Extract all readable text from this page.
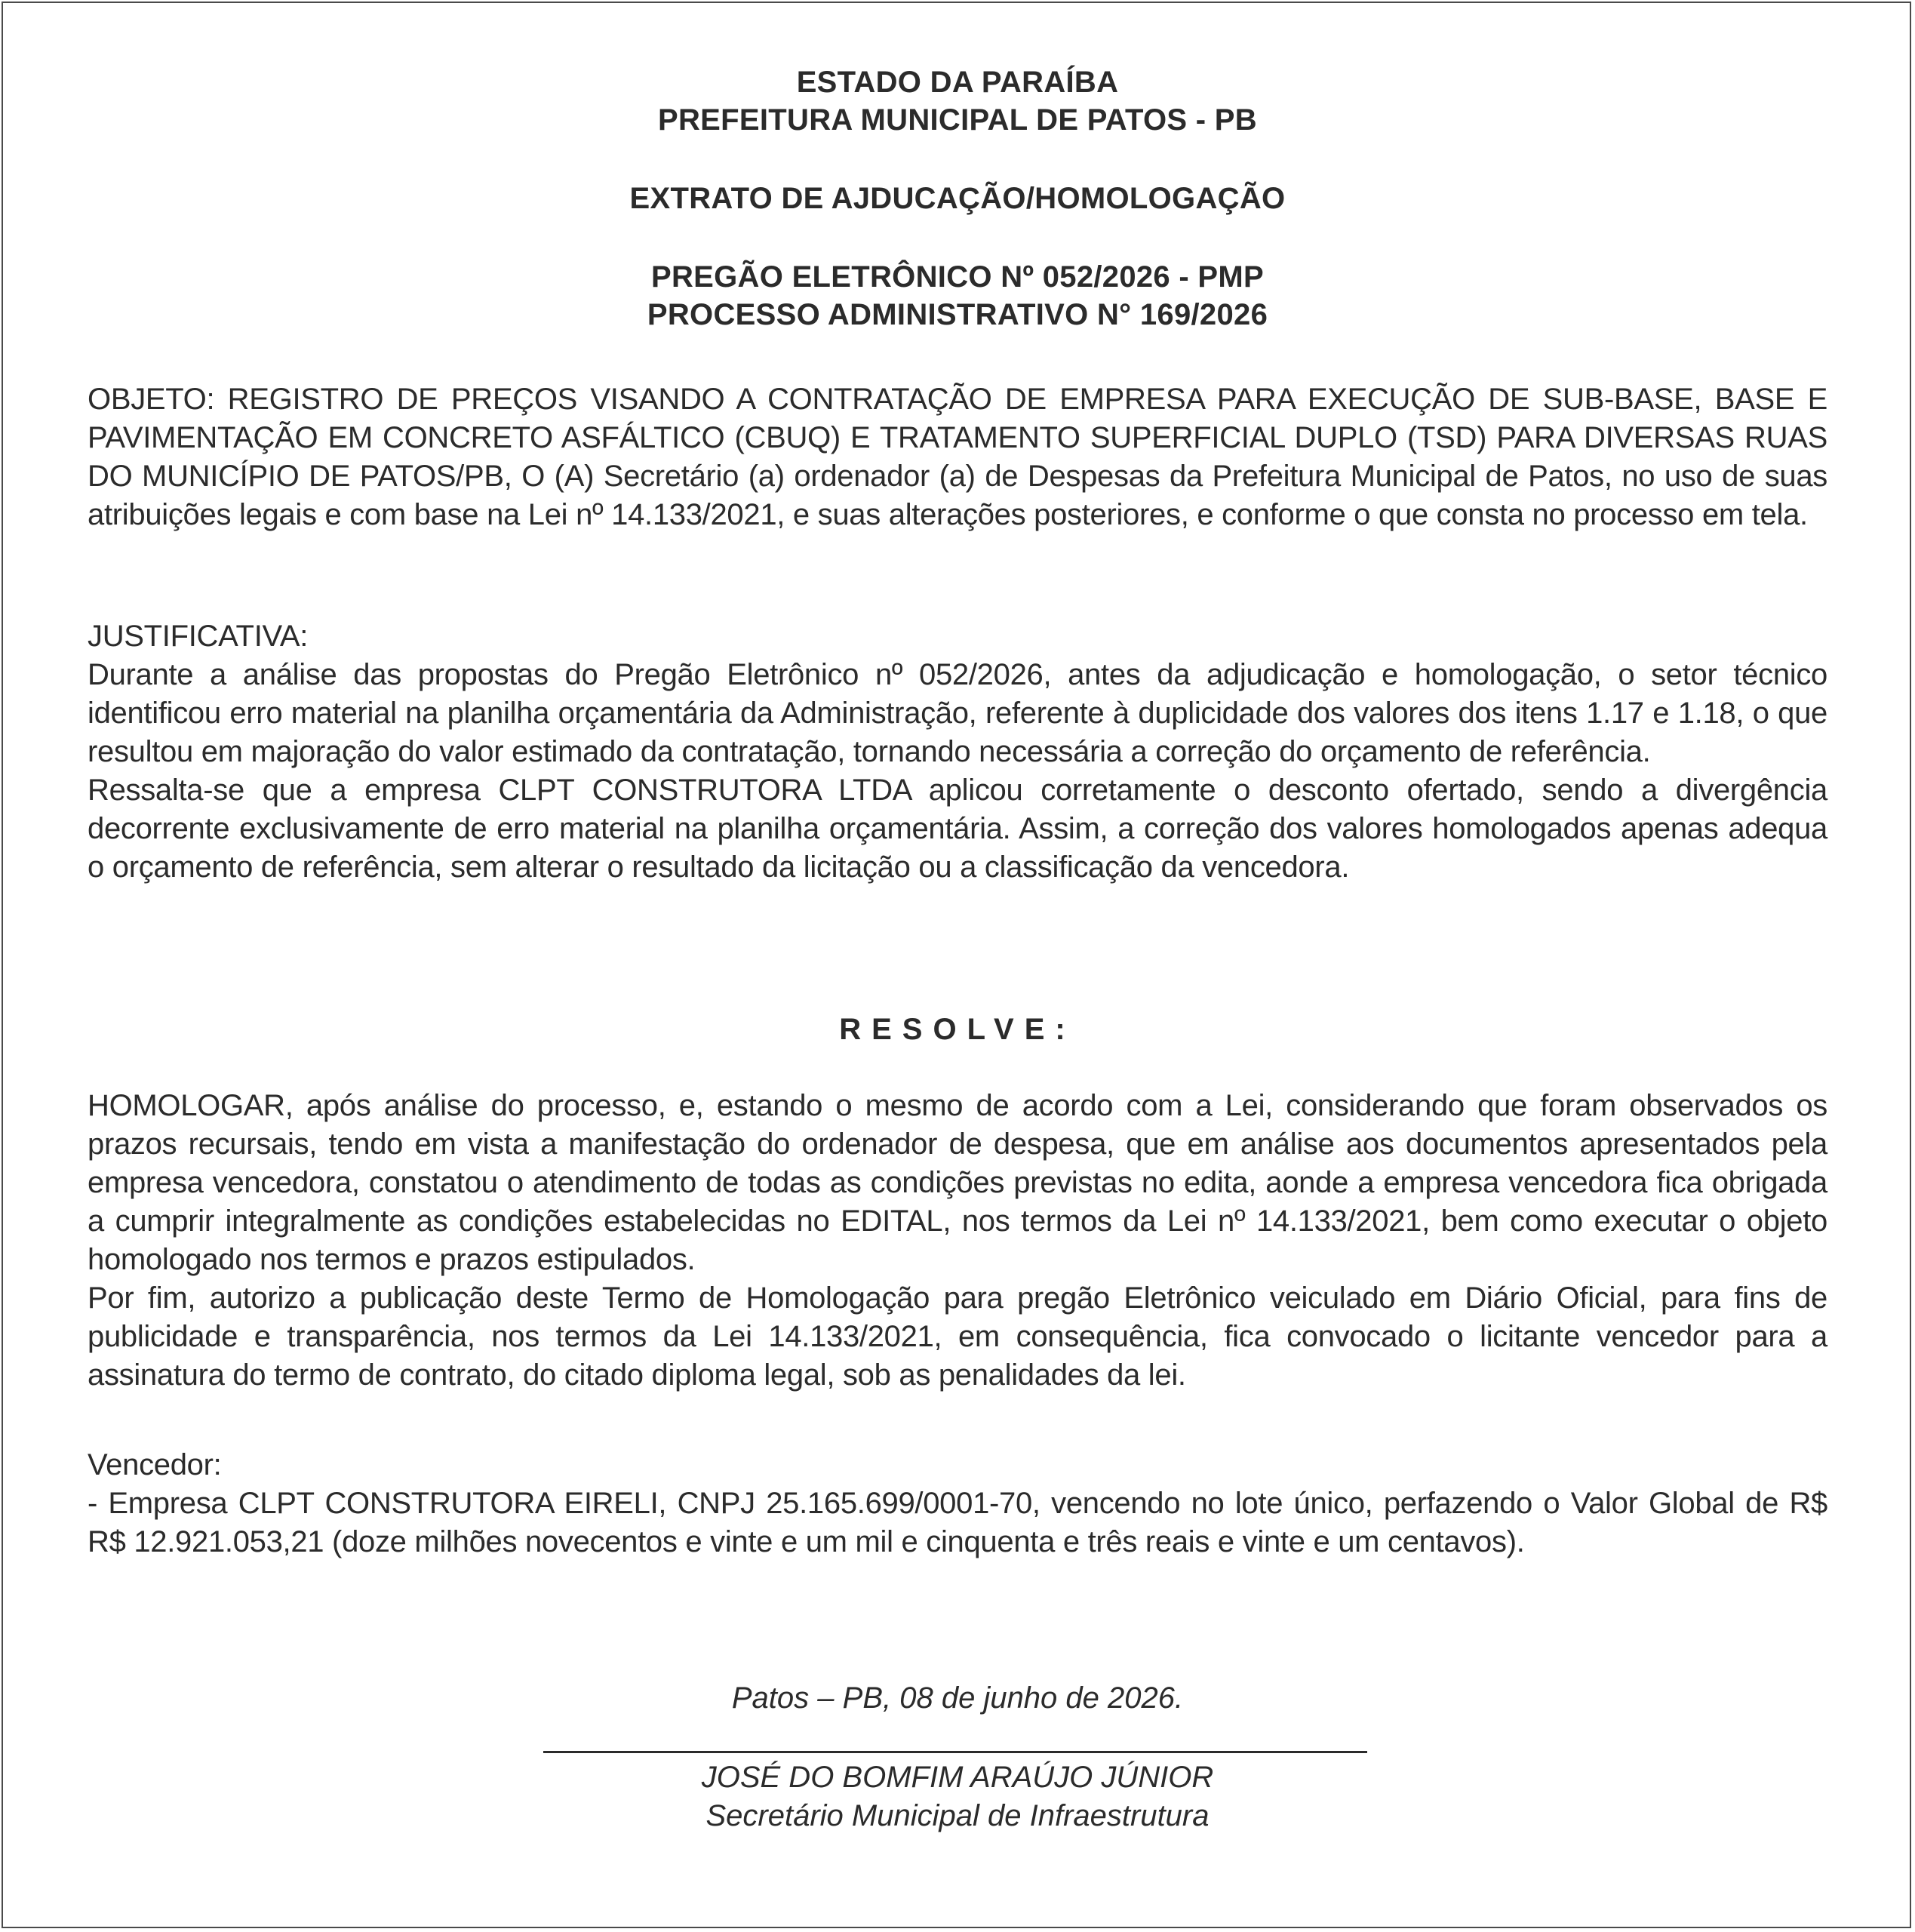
ESTADO DA PARAÍBA
PREFEITURA MUNICIPAL DE PATOS - PB
EXTRATO DE AJDUCAÇÃO/HOMOLOGAÇÃO
PREGÃO ELETRÔNICO Nº 052/2026 - PMP
PROCESSO ADMINISTRATIVO N° 169/2026

OBJETO: REGISTRO DE PREÇOS VISANDO A CONTRATAÇÃO DE EMPRESA PARA EXECUÇÃO DE SUB-BASE, BASE E PAVIMENTAÇÃO EM CONCRETO ASFÁLTICO (CBUQ) E TRATAMENTO SUPERFICIAL DUPLO (TSD) PARA DIVERSAS RUAS DO MUNICÍPIO DE PATOS/PB, O (A) Secretário (a) ordenador (a) de Despesas da Prefeitura Municipal de Patos, no uso de suas atribuições legais e com base na Lei nº 14.133/2021, e suas alterações posteriores, e conforme o que consta no processo em tela.

JUSTIFICATIVA:

Durante a análise das propostas do Pregão Eletrônico nº 052/2026, antes da adjudicação e homologação, o setor técnico identificou erro material na planilha orçamentária da Administração, referente à duplicidade dos valores dos itens 1.17 e 1.18, o que resultou em majoração do valor estimado da contratação, tornando necessária a correção do orçamento de referência.

Ressalta-se que a empresa CLPT CONSTRUTORA LTDA aplicou corretamente o desconto ofertado, sendo a divergência decorrente exclusivamente de erro material na planilha orçamentária. Assim, a correção dos valores homologados apenas adequa o orçamento de referência, sem alterar o resultado da licitação ou a classificação da vencedora.

RESOLVE:

HOMOLOGAR, após análise do processo, e, estando o mesmo de acordo com a Lei, considerando que foram observados os prazos recursais, tendo em vista a manifestação do ordenador de despesa, que em análise aos documentos apresentados pela empresa vencedora, constatou o atendimento de todas as condições previstas no edita, aonde a empresa vencedora fica obrigada a cumprir integralmente as condições estabelecidas no EDITAL, nos termos da Lei nº 14.133/2021, bem como executar o objeto homologado nos termos e prazos estipulados.

Por fim, autorizo a publicação deste Termo de Homologação para pregão Eletrônico veiculado em Diário Oficial, para fins de publicidade e transparência, nos termos da Lei 14.133/2021, em consequência, fica convocado o licitante vencedor para a assinatura do termo de contrato, do citado diploma legal, sob as penalidades da lei.

Vencedor:

- Empresa CLPT CONSTRUTORA EIRELI, CNPJ 25.165.699/0001-70, vencendo no lote único, perfazendo o Valor Global de R$ R$ 12.921.053,21 (doze milhões novecentos e vinte e um mil e cinquenta e três reais e vinte e um centavos).

Patos – PB, 08 de junho de 2026.
JOSÉ DO BOMFIM ARAÚJO JÚNIOR
Secretário Municipal de Infraestrutura
